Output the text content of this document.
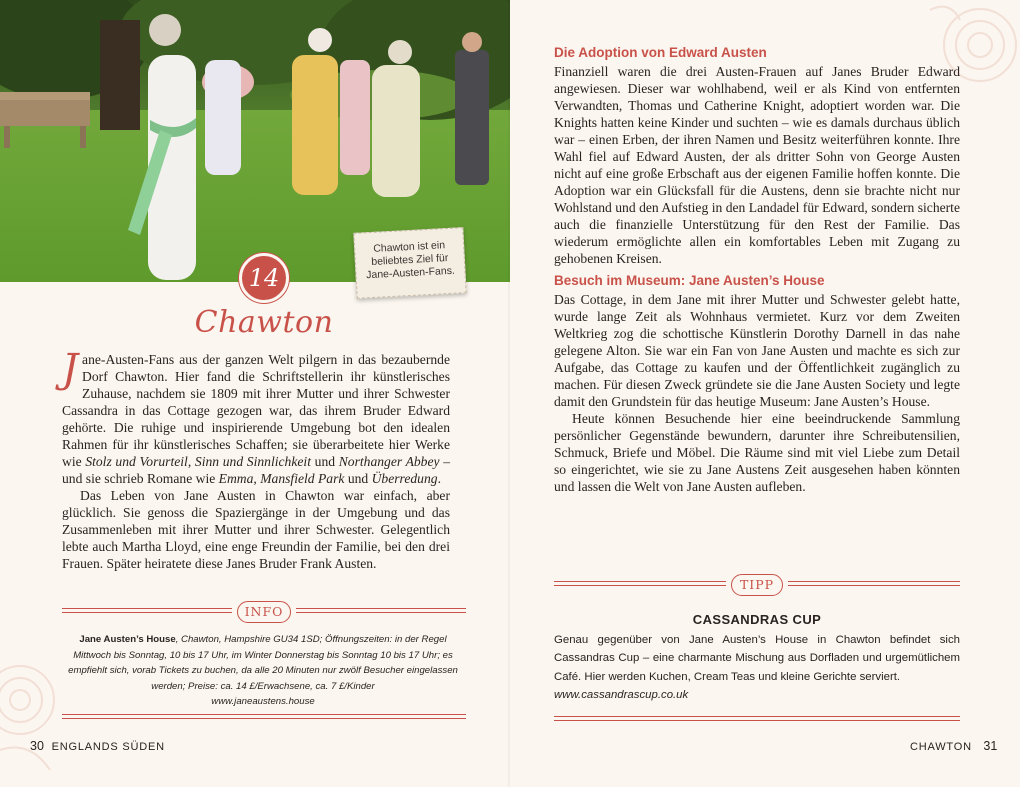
Chawton ist ein beliebtes Ziel für Jane-Austen-Fans.
14
Chawton

Jane-Austen-Fans aus der ganzen Welt pilgern in das bezaubernde Dorf Chawton. Hier fand die Schriftstellerin ihr künstlerisches Zuhause, nachdem sie 1809 mit ihrer Mutter und ihrer Schwester Cassandra in das Cottage gezogen war, das ihrem Bruder Edward gehörte. Die ruhige und inspirierende Umgebung bot den idealen Rahmen für ihr künstlerisches Schaffen; sie überarbeitete hier Werke wie Stolz und Vorurteil, Sinn und Sinnlichkeit und Northanger Abbey – und sie schrieb Romane wie Emma, Mansfield Park und Überredung.

Das Leben von Jane Austen in Chawton war einfach, aber glücklich. Sie genoss die Spaziergänge in der Umgebung und das Zusammenleben mit ihrer Mutter und ihrer Schwester. Gelegentlich lebte auch Martha Lloyd, eine enge Freundin der Familie, bei den drei Frauen. Später heiratete diese Janes Bruder Frank Austen.

INFO
Jane Austen’s House, Chawton, Hampshire GU34 1SD; Öffnungszeiten: in der Regel Mittwoch bis Sonntag, 10 bis 17 Uhr, im Winter Donnerstag bis Sonntag 10 bis 17 Uhr; es empfiehlt sich, vorab Tickets zu buchen, da alle 20 Minuten nur zwölf Besucher eingelassen werden; Preise: ca. 14 £/Erwachsene, ca. 7 £/Kinder
www.janeaustens.house
30 ENGLANDS SÜDEN
Die Adoption von Edward Austen

Finanziell waren die drei Austen-Frauen auf Janes Bruder Edward angewiesen. Dieser war wohlhabend, weil er als Kind von entfernten Verwandten, Thomas und Catherine Knight, adoptiert worden war. Die Knights hatten keine Kinder und suchten – wie es damals durchaus üblich war – einen Erben, der ihren Namen und Besitz weiterführen konnte. Ihre Wahl fiel auf Edward Austen, der als dritter Sohn von George Austen nicht auf eine große Erbschaft aus der eigenen Familie hoffen konnte. Die Adoption war ein Glücksfall für die Austens, denn sie brachte nicht nur Wohlstand und den Aufstieg in den Landadel für Edward, sondern sicherte auch die finanzielle Unterstützung für den Rest der Familie. Das wiederum ermöglichte allen ein komfortables Leben mit Zugang zu gehobenen Kreisen.

Besuch im Museum: Jane Austen’s House

Das Cottage, in dem Jane mit ihrer Mutter und Schwester gelebt hatte, wurde lange Zeit als Wohnhaus vermietet. Kurz vor dem Zweiten Weltkrieg zog die schottische Künstlerin Dorothy Darnell in das nahe gelegene Alton. Sie war ein Fan von Jane Austen und machte es sich zur Aufgabe, das Cottage zu kaufen und der Öffentlichkeit zugänglich zu machen. Für diesen Zweck gründete sie die Jane Austen Society und legte damit den Grundstein für das heutige Museum: Jane Austen’s House.

Heute können Besuchende hier eine beeindruckende Sammlung persönlicher Gegenstände bewundern, darunter ihre Schreibutensilien, Schmuck, Briefe und Möbel. Die Räume sind mit viel Liebe zum Detail so eingerichtet, wie sie zu Jane Austens Zeit ausgesehen haben könnten und lassen die Welt von Jane Austen aufleben.

TIPP
CASSANDRAS CUP
Genau gegenüber von Jane Austen’s House in Chawton befindet sich Cassandras Cup – eine charmante Mischung aus Dorfladen und urgemütlichem Café. Hier werden Kuchen, Cream Teas und kleine Gerichte serviert.
www.cassandrascup.co.uk
CHAWTON 31
